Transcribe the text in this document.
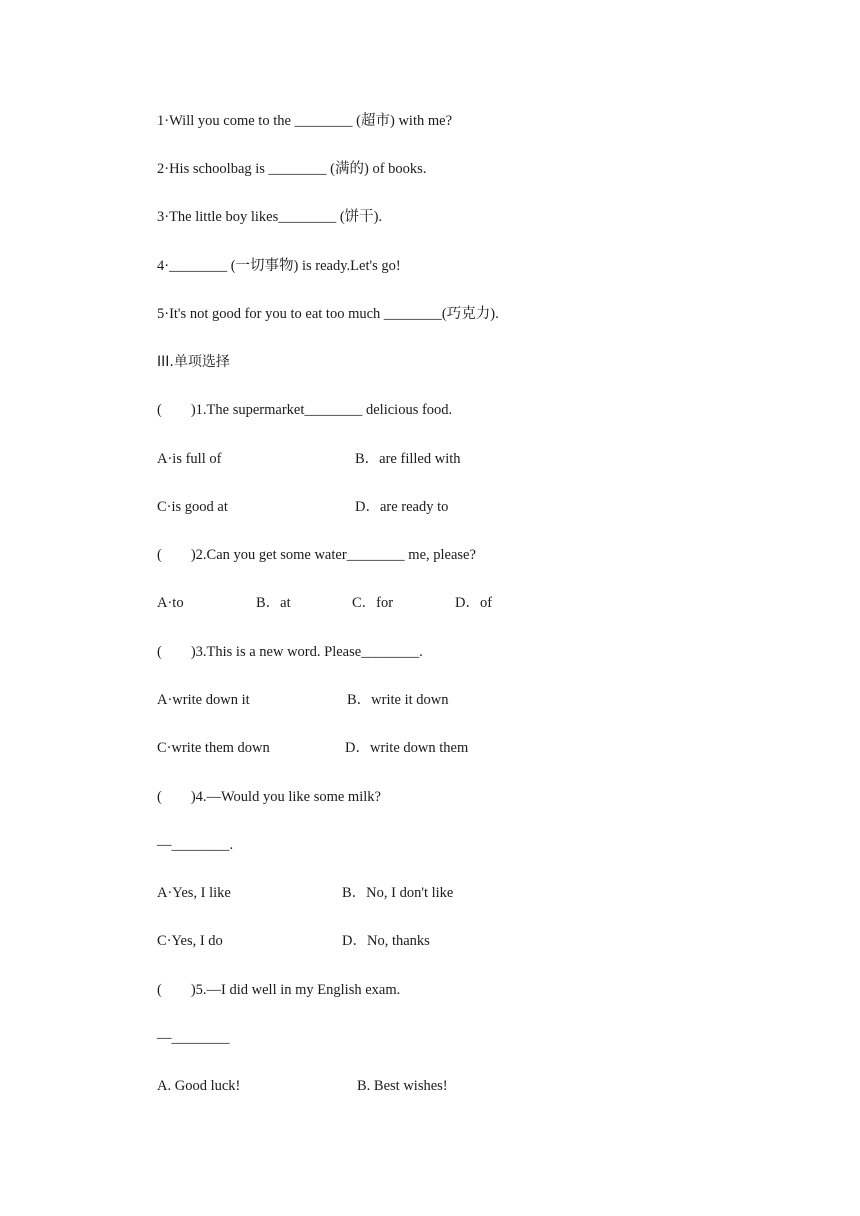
1·Will you come to the ________ (超市) with me?
2·His schoolbag is ________ (满的) of books.
3·The little boy likes________ (饼干).
4·________ (一切事物) is ready.Let's go!
5·It's not good for you to eat too much ________(巧克力).
III.单项选择
(        )1.The supermarket________ delicious food.
A·is full of	B．are filled with
C·is good at	D．are ready to
(        )2.Can you get some water________ me, please?
A·to	B．at	C．for	D．of
(        )3.This is a new word. Please________.
A·write down it	B．write it down
C·write them down	D．write down them
(        )4.—Would you like some milk?
—________.
A·Yes, I like	B．No, I don't like
C·Yes, I do	D．No, thanks
(        )5.—I did well in my English exam.
—________
A. Good luck!	B. Best wishes!
